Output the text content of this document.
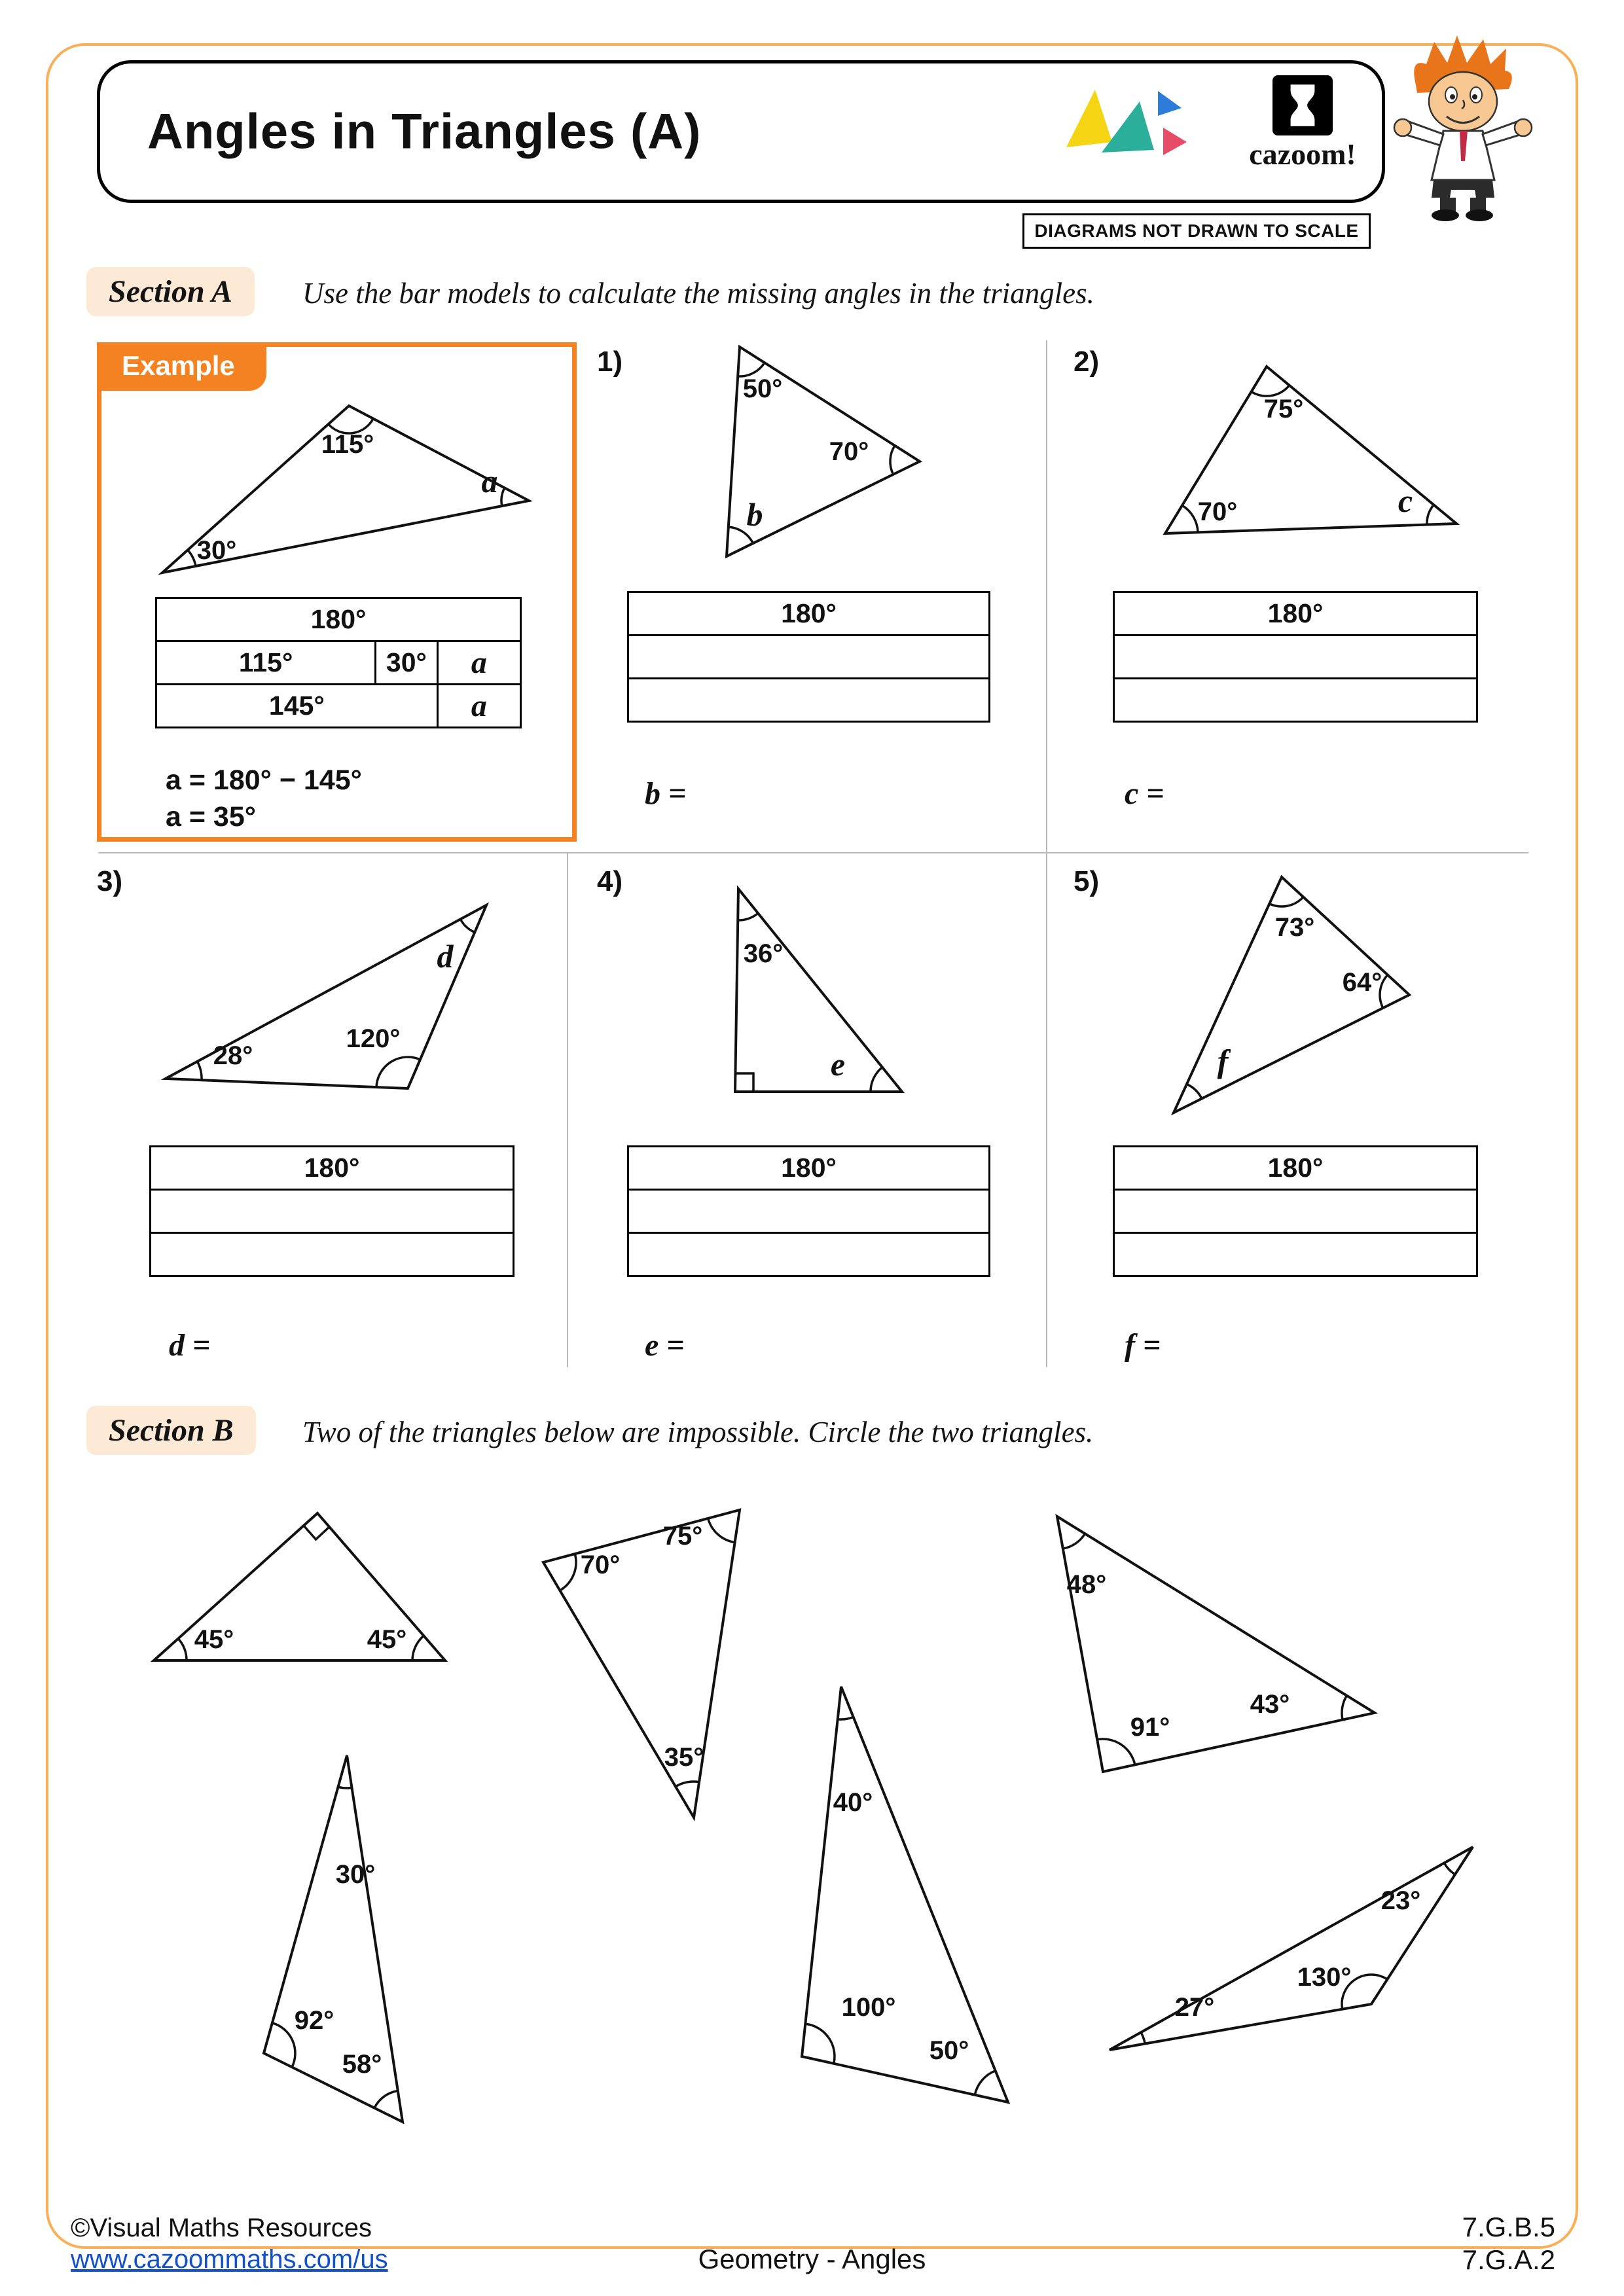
Angles in Triangles (A)	cazoom!
DIAGRAMS NOT DRAWN TO SCALE
Section A	Use the bar models to calculate the missing angles in the triangles.
Example
115°
a
30°
180°
115°	30°	a
145°	a
a = 180° − 145°
a = 35°
1)
50°
70°
b
180°
b =
2)
75°
70°	c
180°
c =
3)
d
120°
28°
180°
d =
4)
36°
e
180°
e =
5)
73°
64°
f
180°
f =
Section B	Two of the triangles below are impossible. Circle the two triangles.
45°	45°
70°
75°
35°
48°
91°
43°
30°
92°
58°
40°
100°
50°
23°
130°
27°
©Visual Maths Resources
www.cazoommaths.com/us	Geometry - Angles
7.G.B.5
7.G.A.2
